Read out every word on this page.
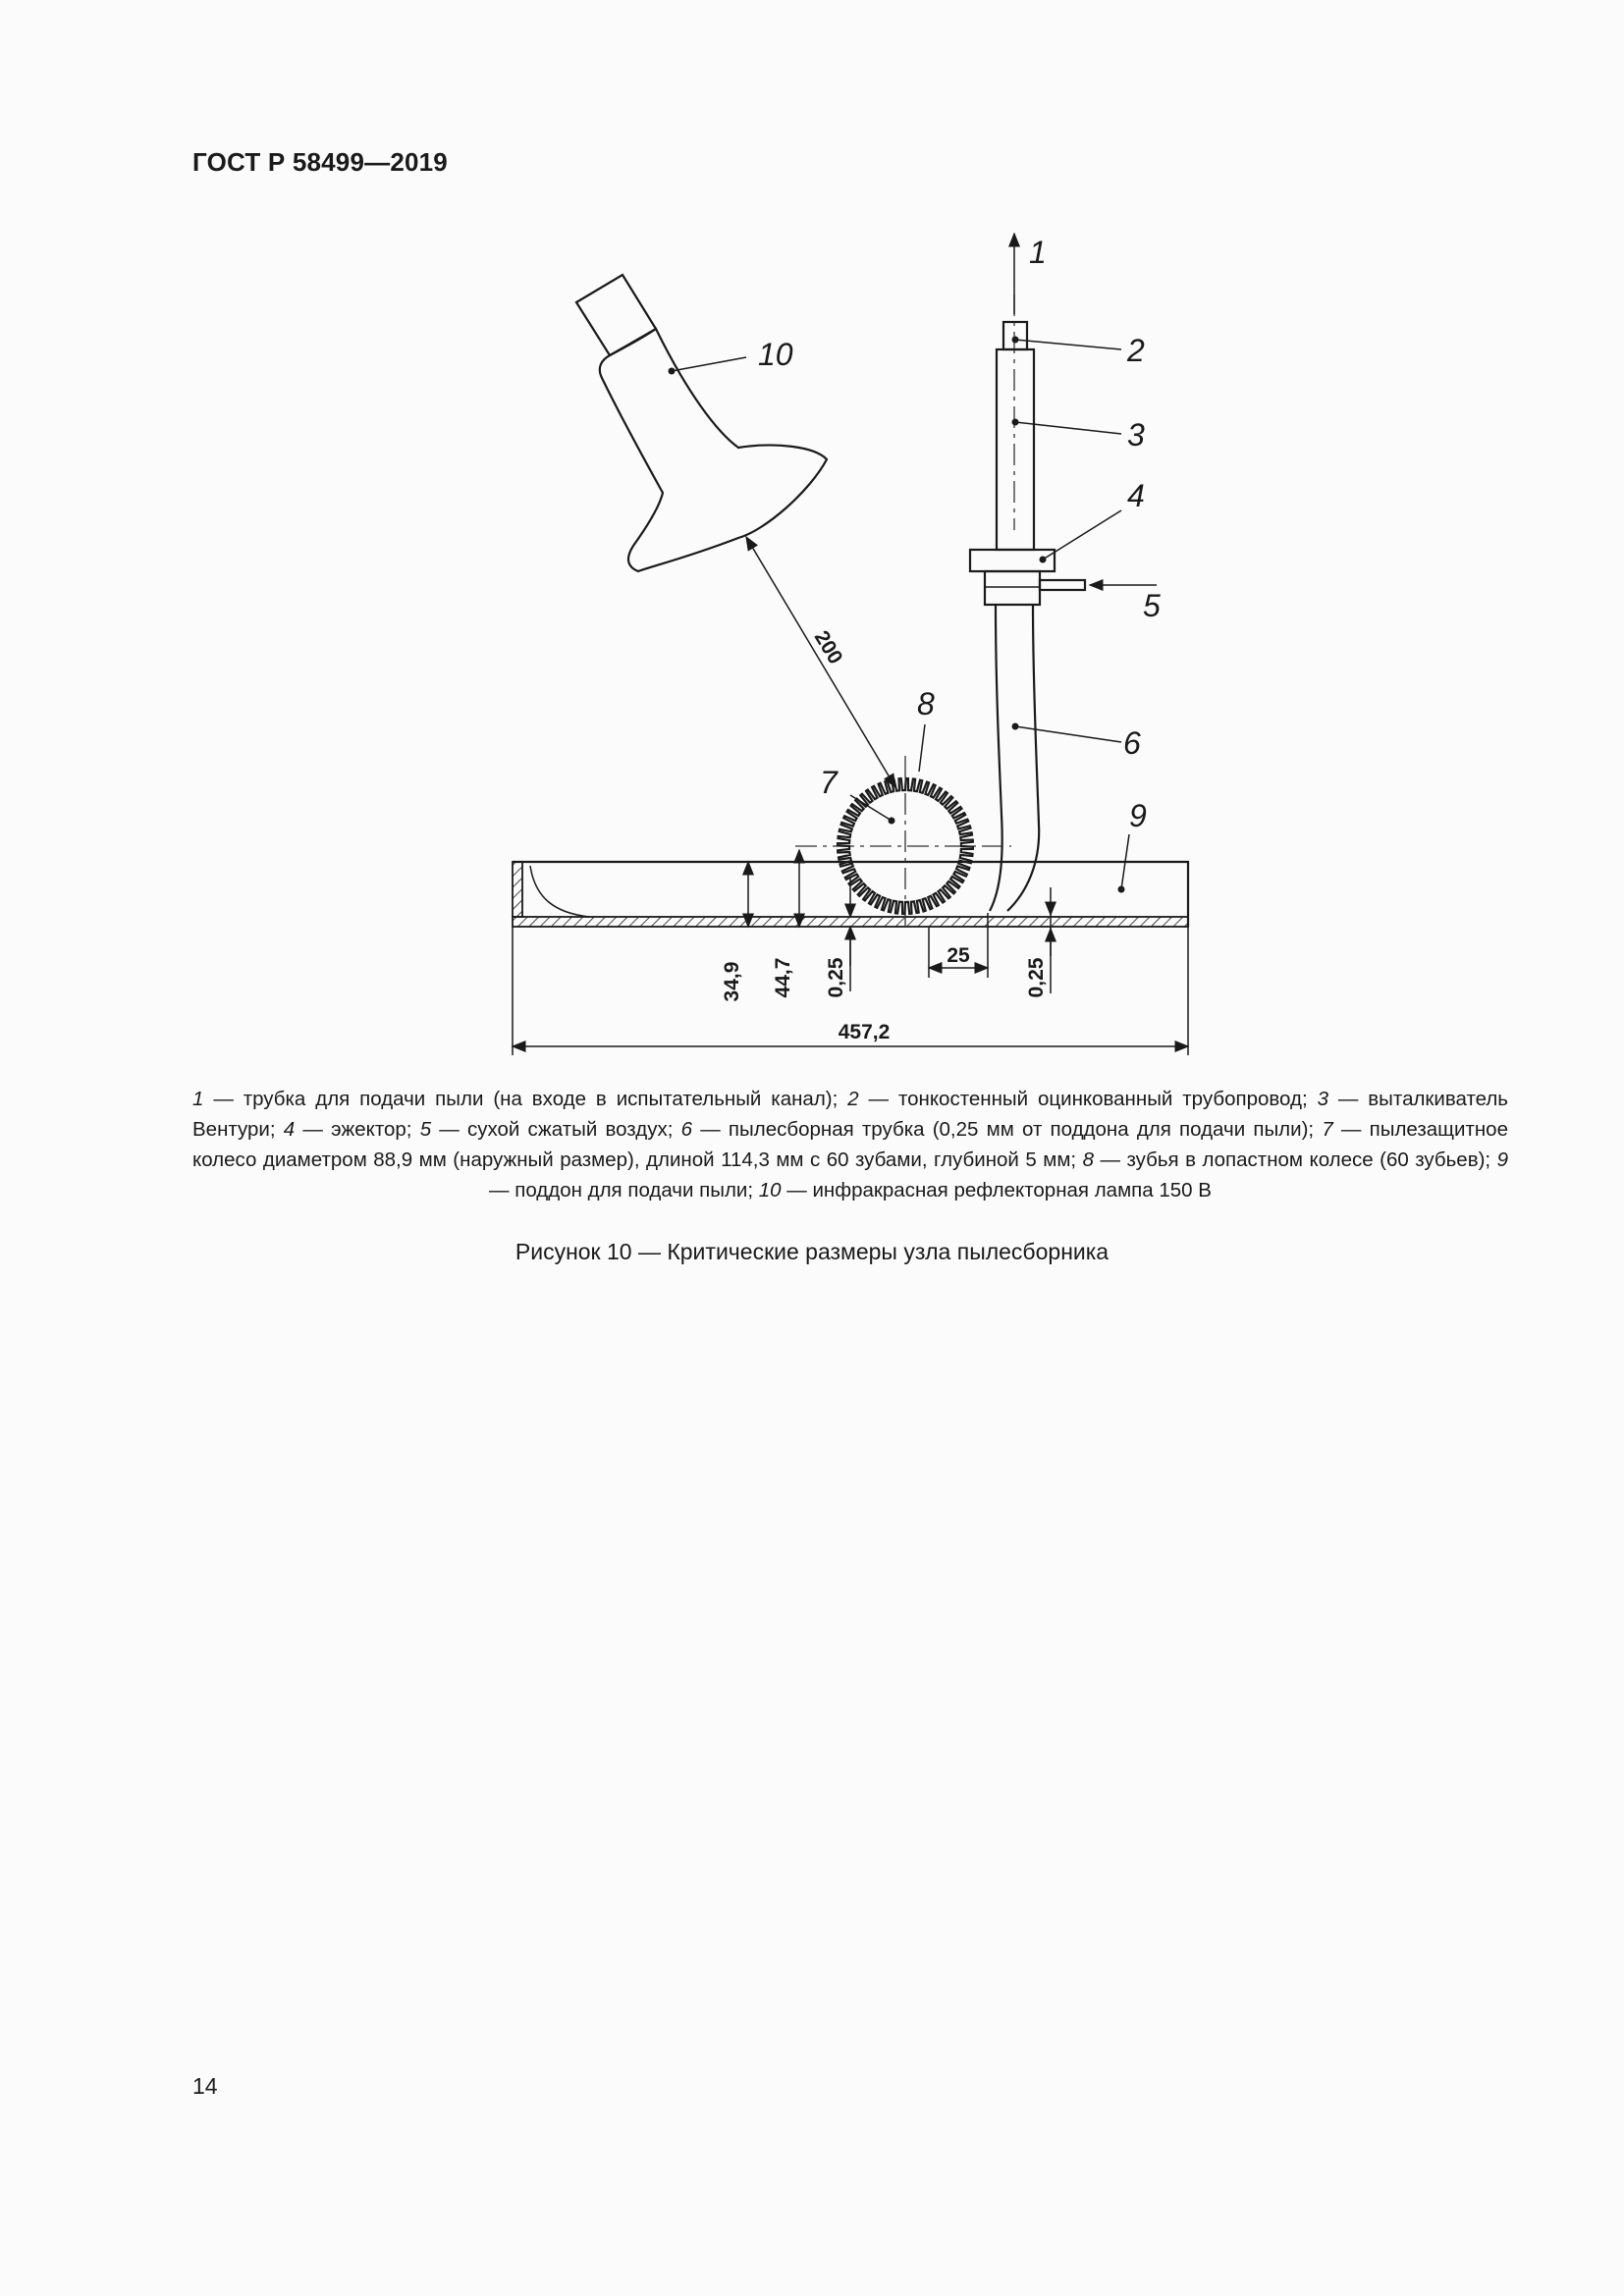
ГОСТ Р 58499—2019
200
34,9 44,7 0,25
25
0,25
457,2
1
2
3
4
5
6
7
8
9
10
1 — трубка для подачи пыли (на входе в испытательный канал); 2 — тонкостенный оцинкованный трубопровод; 3 — выталкиватель Вентури; 4 — эжектор; 5 — сухой сжатый воздух; 6 — пылесборная трубка (0,25 мм от поддона для подачи пыли); 7 — пылезащитное колесо диаметром 88,9 мм (наружный размер), длиной 114,3 мм с 60 зубами, глубиной 5 мм; 8 — зубья в лопастном колесе (60 зубьев); 9 — поддон для подачи пыли; 10 — инфракрасная рефлекторная лампа 150 В
Рисунок 10 — Критические размеры узла пылесборника
14
